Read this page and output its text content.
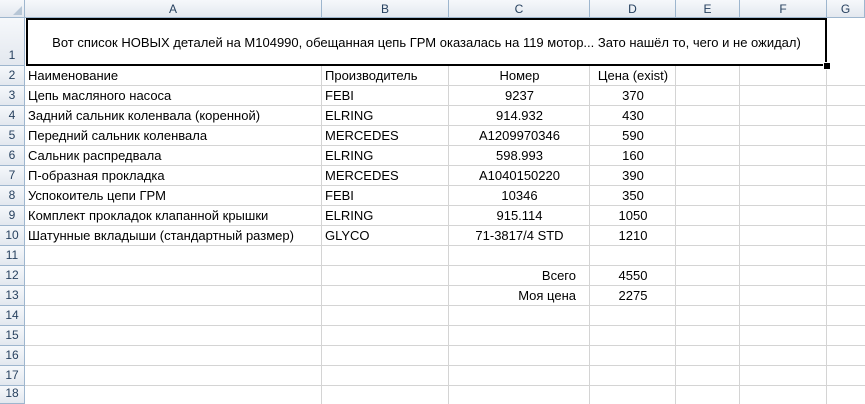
A	B	C	D	E	F	G
1
2
3
4
5
6
7
8
9
10
11
12
13
14
15
16
17
18
Вот список НОВЫХ деталей на М104990, обещанная цепь ГРМ оказалась на 119 мотор... Зато нашёл то, чего и не ожидал)
Наименование	Производитель	Номер	Цена (exist)
Цепь масляного насоса	FEBI	9237	370
Задний сальник коленвала (коренной)	ELRING	914.932	430
Передний сальник коленвала	MERCEDES	A1209970346	590
Сальник распредвала	ELRING	598.993	160
П-образная прокладка	MERCEDES	A1040150220	390
Успокоитель цепи ГРМ	FEBI	10346	350
Комплект прокладок клапанной крышки	ELRING	915.114	1050
Шатунные вкладыши (стандартный размер)	GLYCO	71-3817/4 STD	1210
Всего	4550
Моя цена	2275
